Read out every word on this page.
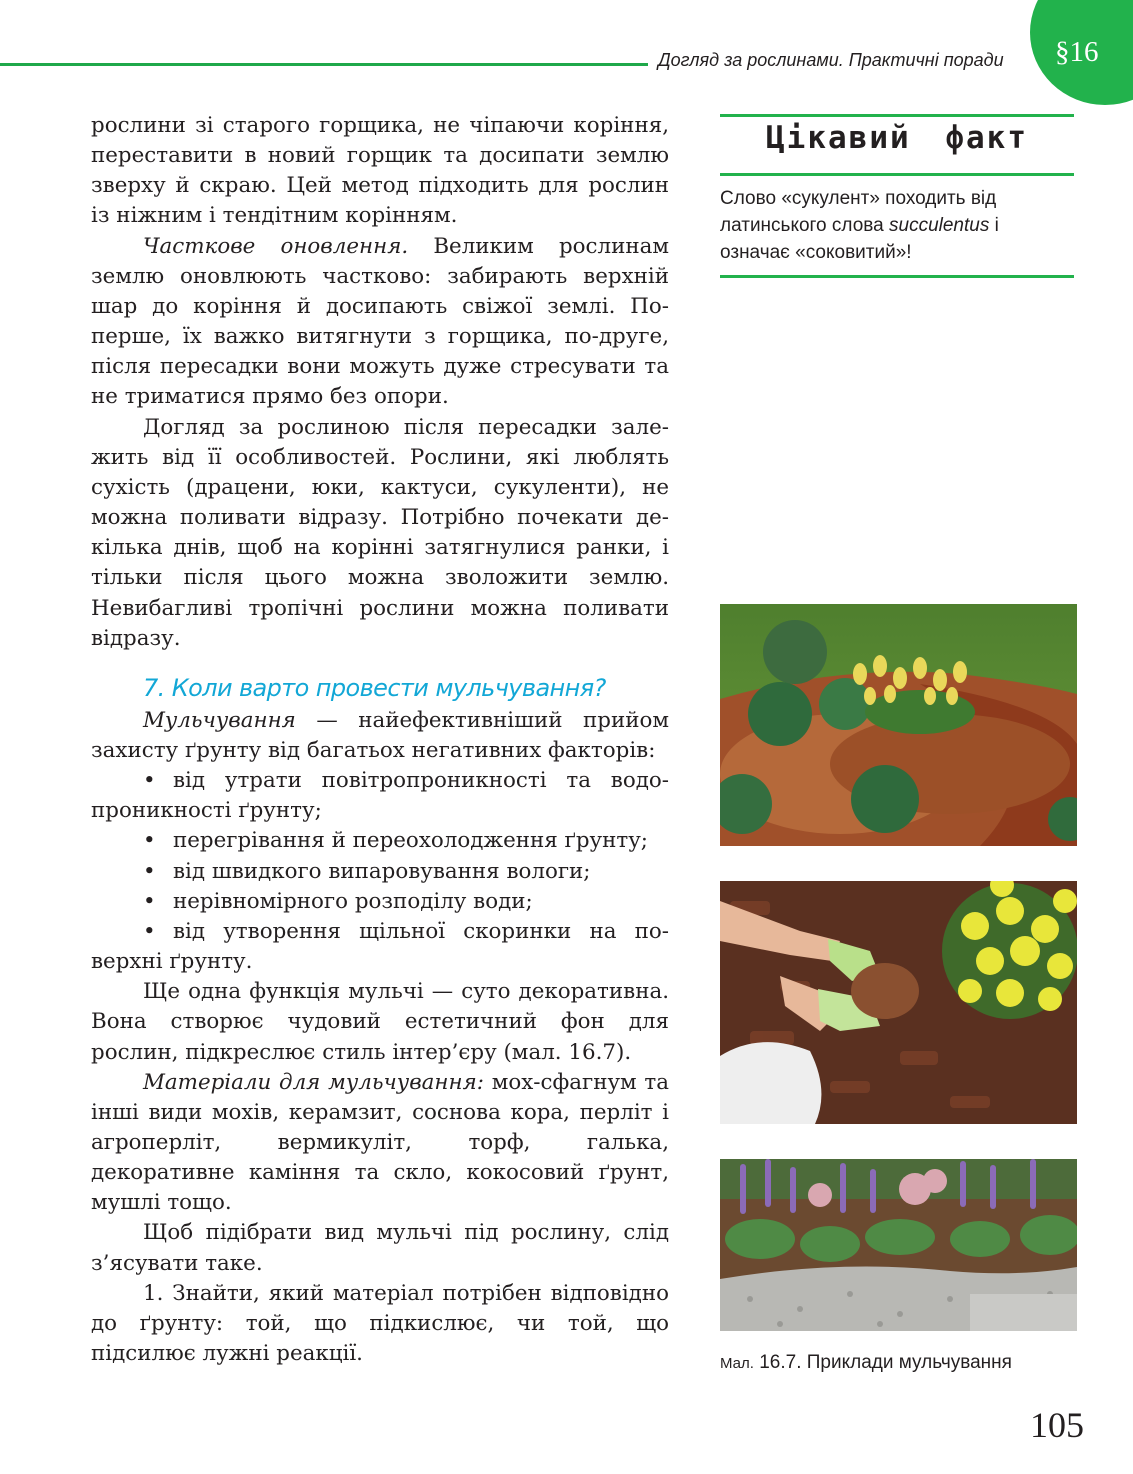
Догляд за рослинами. Практичні поради	§16

рослини зі старого горщика, не чіпаючи коріння, переставити в новий горщик та досипати землю зверху й скраю. Цей метод підходить для рослин із ніжним і тендітним корінням.

Часткове оновлення. Великим рослинам землю оновлюють частково: забирають верхній шар до коріння й досипають свіжої землі. По-перше, їх важко витягнути з горщика, по-друге, після пересадки вони можуть дуже стресувати та не триматися прямо без опори.

Догляд за рослиною після пересадки залежить від її особливостей. Рослини, які люблять сухість (драцени, юки, кактуси, сукуленти), не можна поливати відразу. Потрібно почекати декілька днів, щоб на корінні затягнулися ранки, і тільки після цього можна зволожити землю. Невибагливі тропічні рослини можна поливати відразу.

7. Коли варто провести мульчування?

Мульчування — найефективніший прийом захисту ґрунту від багатьох негативних факторів:

• від утрати повітропроникності та водопроникності ґрунту;

• перегрівання й переохолодження ґрунту;

• від швидкого випаровування вологи;

• нерівномірного розподілу води;

• від утворення щільної скоринки на поверхні ґрунту.

Ще одна функція мульчі — суто декоративна. Вона створює чудовий естетичний фон для рослин, підкреслює стиль інтер’єру (мал. 16.7).

Матеріали для мульчування: мох-сфагнум та інші види мохів, керамзит, соснова кора, перліт і агроперліт, вермикуліт, торф, галька, декоративне каміння та скло, кокосовий ґрунт, мушлі тощо.

Щоб підібрати вид мульчі під рослину, слід з’ясувати таке.

1. Знайти, який матеріал потрібен відповідно до ґрунту: той, що підкислює, чи той, що підсилює лужні реакції.

Цікавий факт
Слово «сукулент» походить від латинського слова succulentus і означає «соковитий»!
Мал. 16.7. Приклади мульчування
105
